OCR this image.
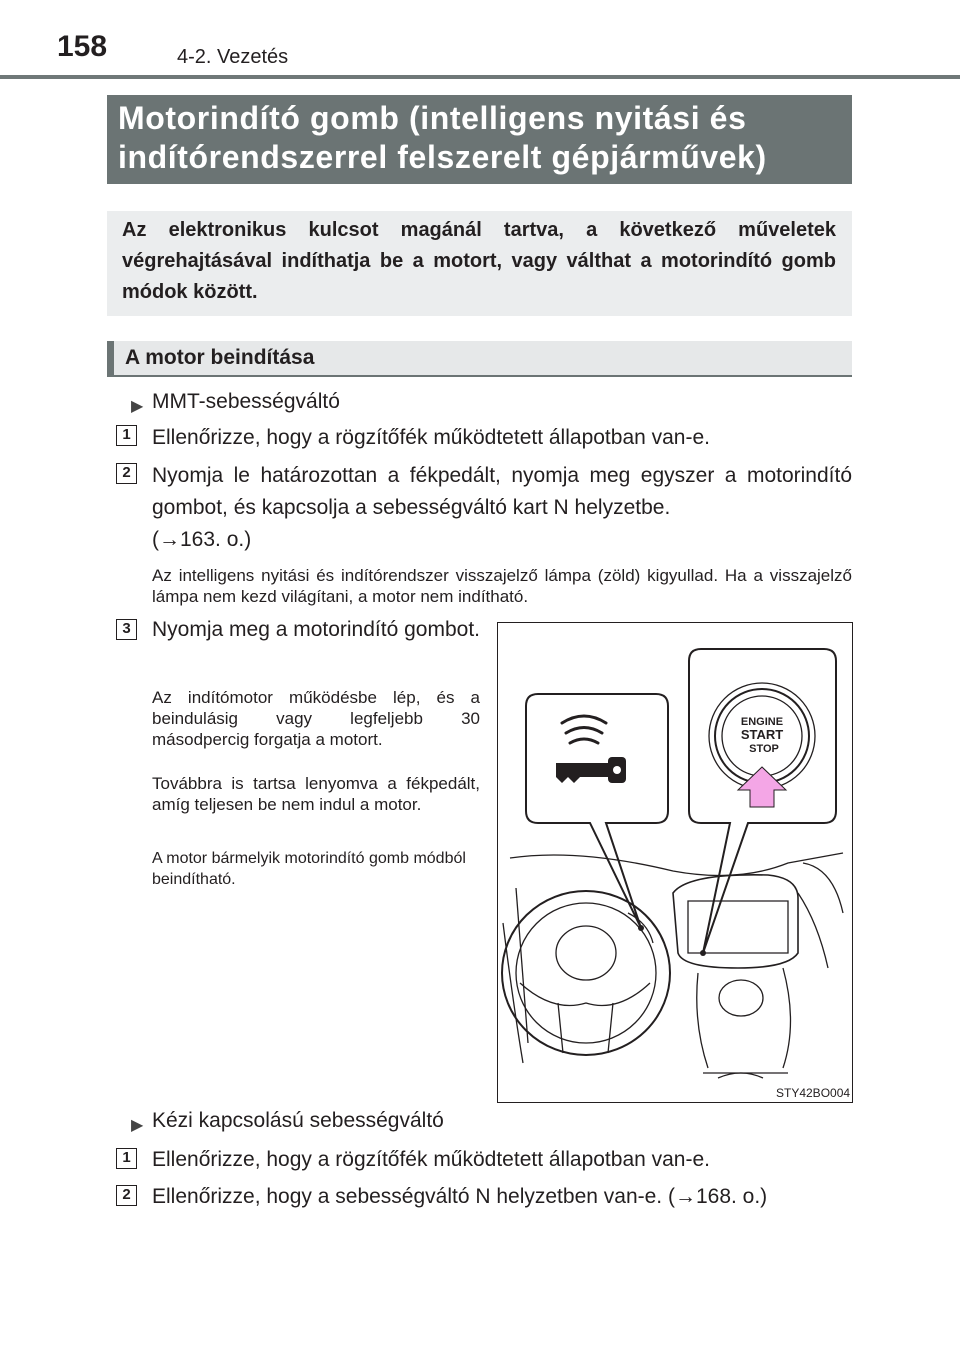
158	4-2. Vezetés
Motorindító gomb (intelligens nyitási és
indítórendszerrel felszerelt gépjárművek)
Az elektronikus kulcsot magánál tartva, a következő műveletek végrehajtásával indíthatja be a motort, vagy válthat a motorindító gomb módok között.
A motor beindítása
▶ MMT-sebességváltó
1	Ellenőrizze, hogy a rögzítőfék működtetett állapotban van-e.
2	Nyomja le határozottan a fékpedált, nyomja meg egyszer a motorindító gombot, és kapcsolja a sebességváltó kart N helyzetbe.
(→163. o.)
Az intelligens nyitási és indítórendszer visszajelző lámpa (zöld) kigyullad. Ha a visszajelző lámpa nem kezd világítani, a motor nem indítható.
3	Nyomja meg a motorindító gombot.
Az indítómotor működésbe lép, és a beindulásig vagy legfeljebb 30 másodpercig forgatja a motort.
Továbbra is tartsa lenyomva a fékpedált, amíg teljesen be nem indul a motor.
A motor bármelyik motorindító gomb módból beindítható.
ENGINE
START
STOP
STY42BO004
▶ Kézi kapcsolású sebességváltó
1	Ellenőrizze, hogy a rögzítőfék működtetett állapotban van-e.
2	Ellenőrizze, hogy a sebességváltó N helyzetben van-e. (→168. o.)
